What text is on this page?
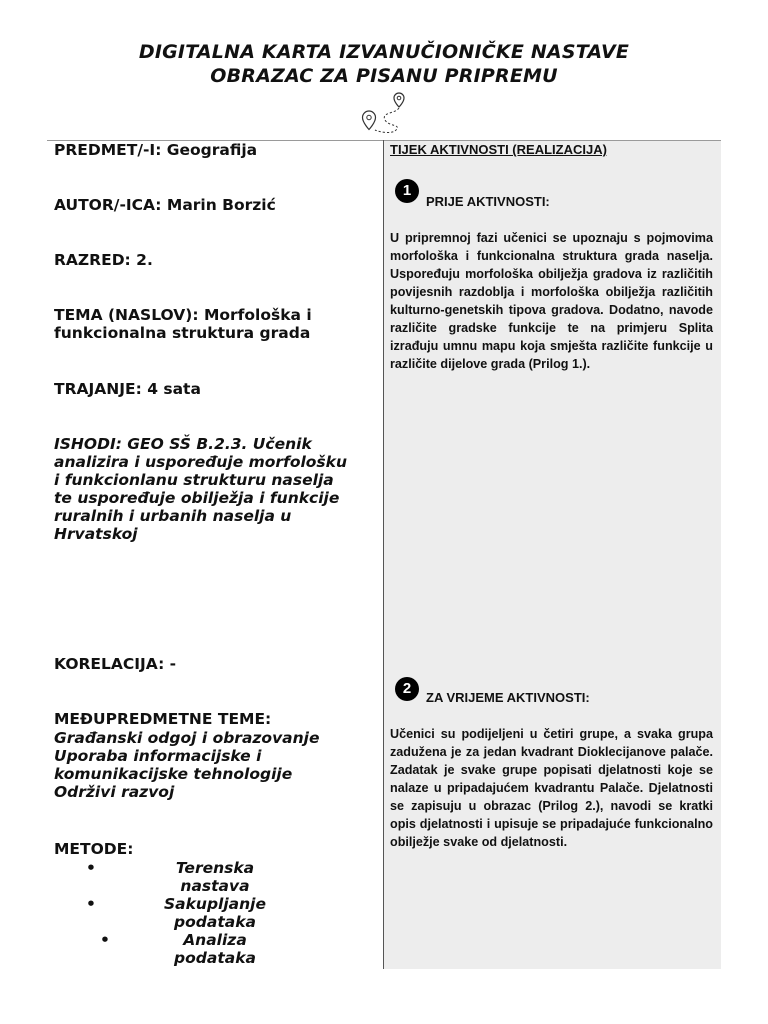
DIGITALNA KARTA IZVANUČIONIČKE NASTAVE
OBRAZAC ZA PISANU PRIPREMU
TIJEK AKTIVNOSTI (REALIZACIJA)
1
PRIJE AKTIVNOSTI:
U pripremnoj fazi učenici se upoznaju s pojmovima morfološka i funkcionalna struktura grada naselja. Uspoređuju morfološka obilježja gradova iz različitih povijesnih razdoblja i morfološka obilježja različitih kulturno-genetskih tipova gradova. Dodatno, navode različite gradske funkcije te na primjeru Splita izrađuju umnu mapu koja smješta različite funkcije u različite dijelove grada (Prilog 1.).
2
ZA VRIJEME AKTIVNOSTI:
Učenici su podijeljeni u četiri grupe, a svaka grupa zadužena je za jedan kvadrant Dioklecijanove palače. Zadatak je svake grupe popisati djelatnosti koje se nalaze u pripadajućem kvadrantu Palače. Djelatnosti se zapisuju u obrazac (Prilog 2.), navodi se kratki opis djelatnosti i upisuje se pripadajuće funkcionalno obilježje svake od djelatnosti.
PREDMET/-I: Geografija
AUTOR/-ICA: Marin Borzić
RAZRED: 2.
TEMA (NASLOV): Morfološka i
funkcionalna struktura grada
TRAJANJE: 4 sata
ISHODI: GEO SŠ B.2.3. Učenik
analizira i uspoređuje morfološku
i funkcionlanu strukturu naselja
te uspoređuje obilježja i funkcije
ruralnih i urbanih naselja u
Hrvatskoj
KORELACIJA: -
MEĐUPREDMETNE TEME:
Građanski odgoj i obrazovanje
Uporaba informacijske i
komunikacijske tehnologije
Održivi razvoj
METODE:
•	Terenska
nastava
•	Sakupljanje
podataka
•	Analiza
podataka
